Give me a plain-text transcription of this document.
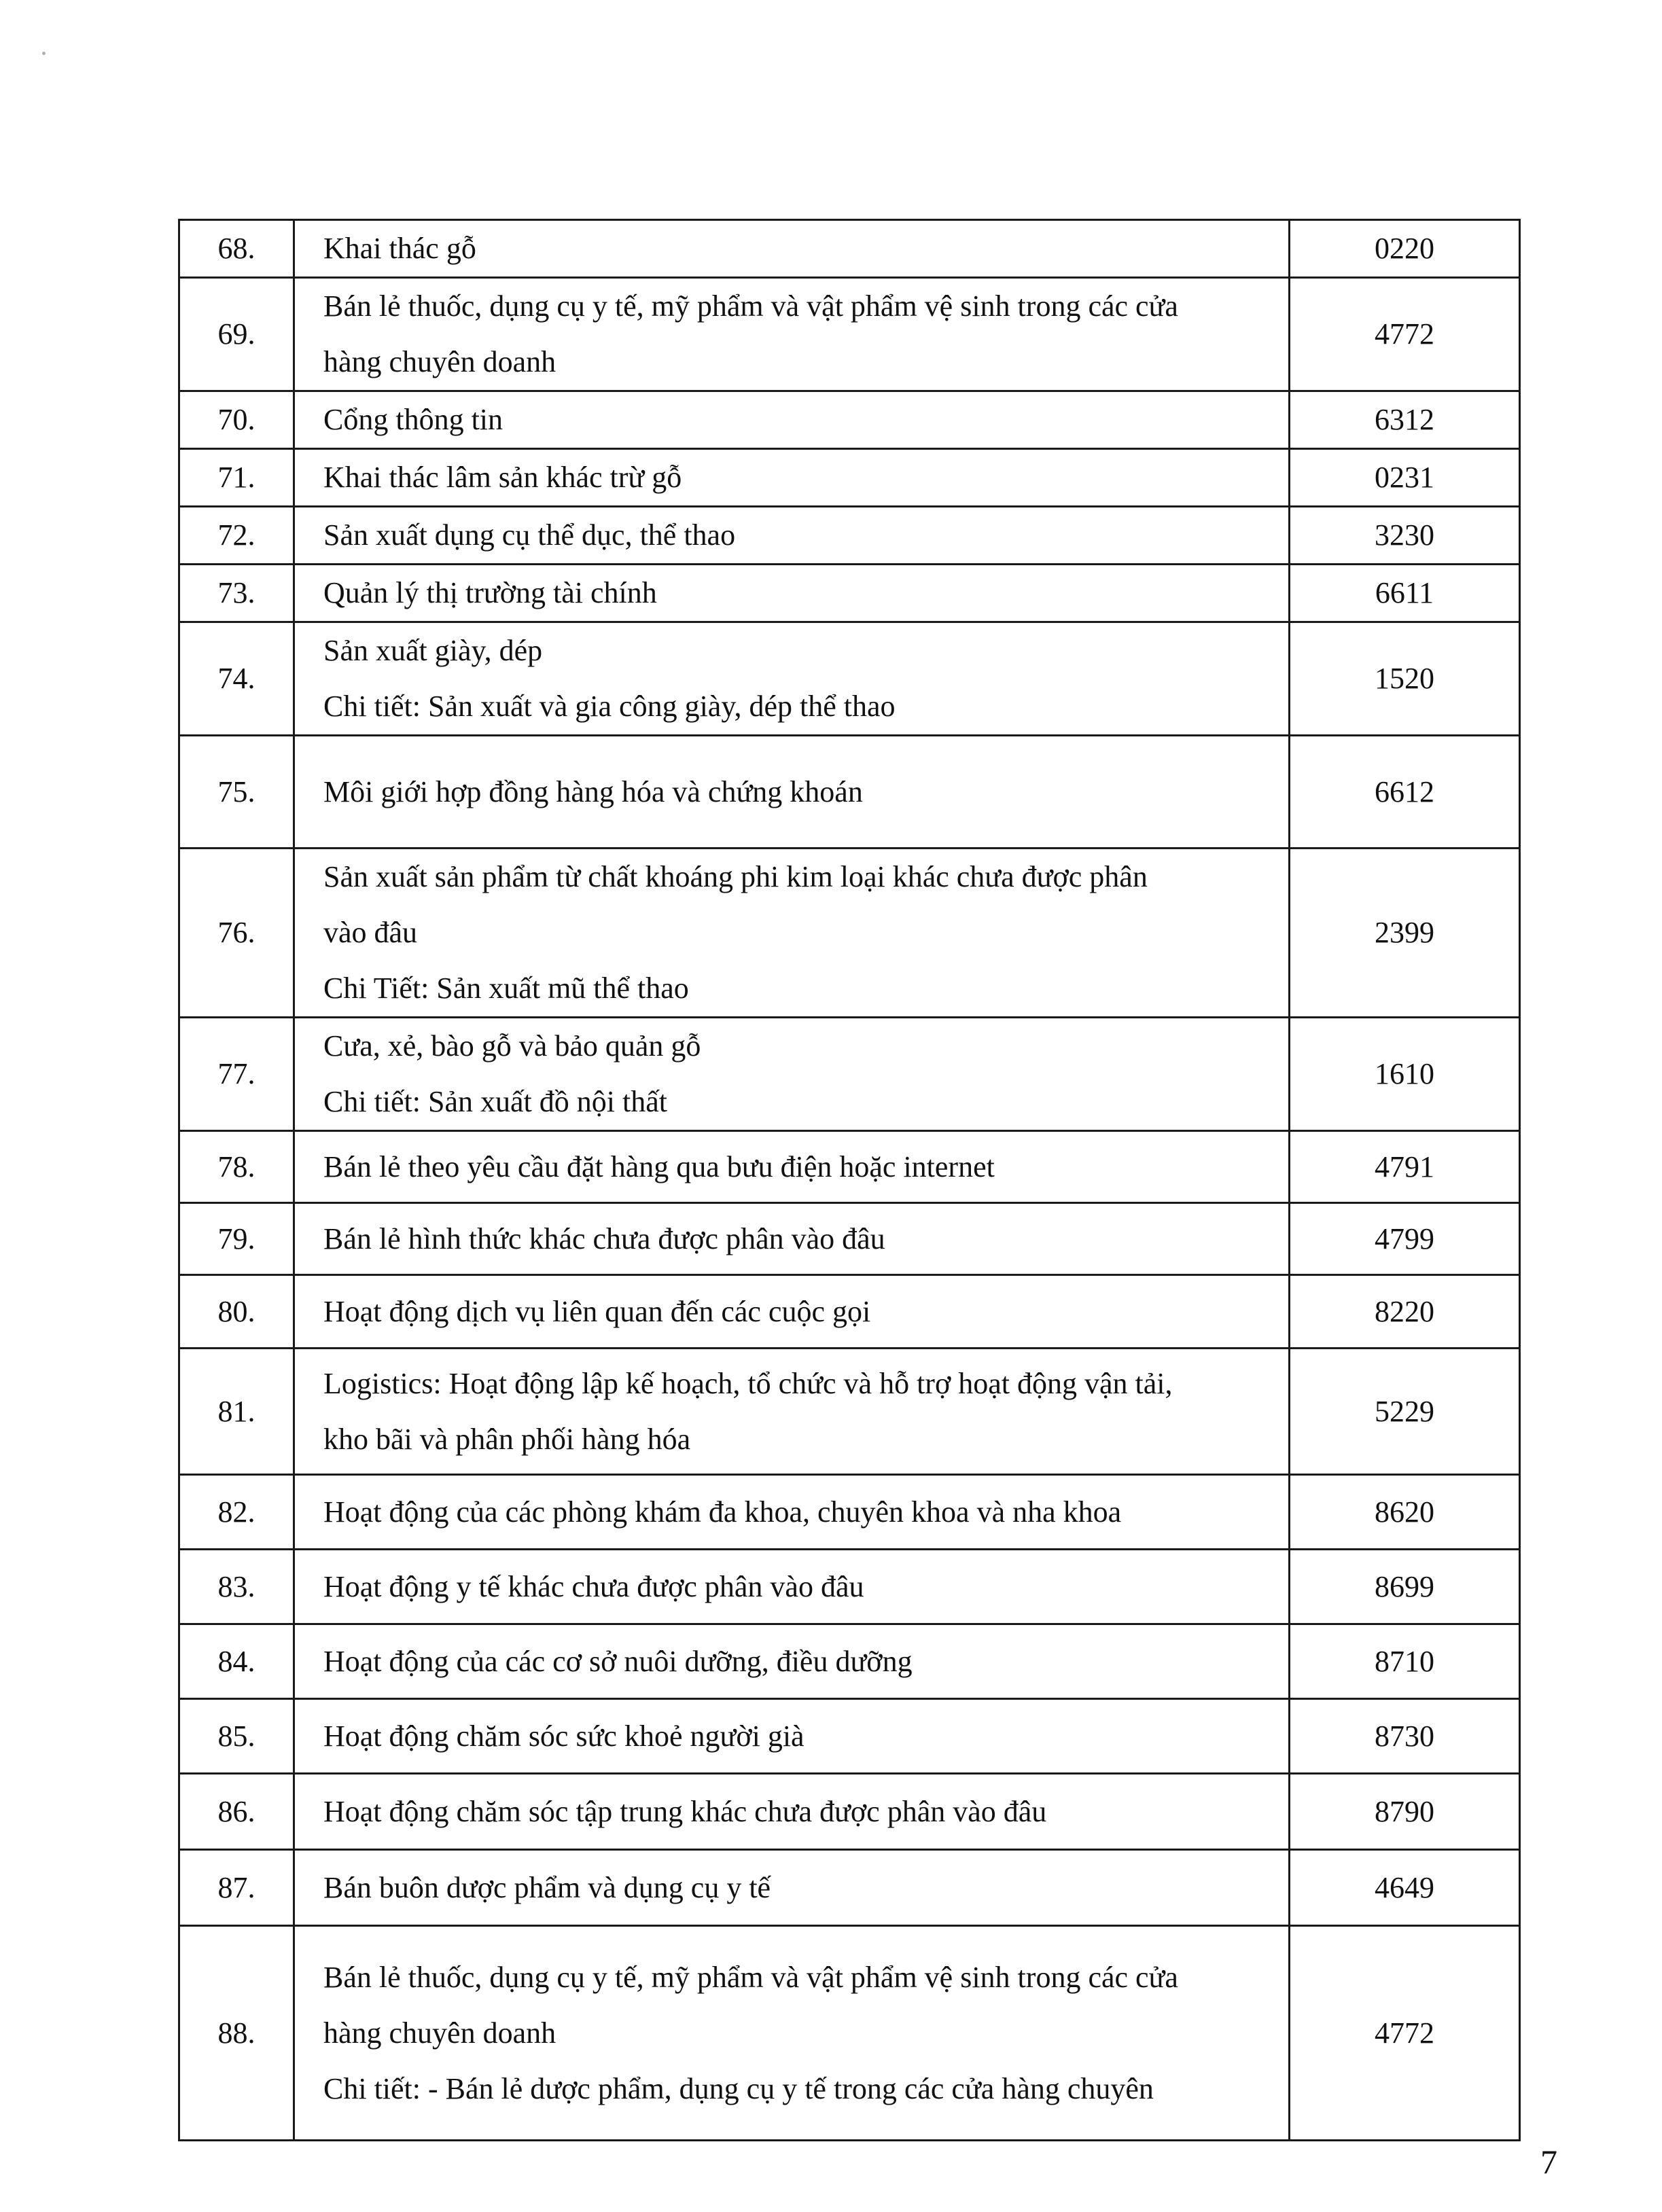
68.	Khai thác gỗ	0220
69.	Bán lẻ thuốc, dụng cụ y tế, mỹ phẩm và vật phẩm vệ sinh trong các cửa
hàng chuyên doanh	4772
70.	Cổng thông tin	6312
71.	Khai thác lâm sản khác trừ gỗ	0231
72.	Sản xuất dụng cụ thể dục, thể thao	3230
73.	Quản lý thị trường tài chính	6611
74.	Sản xuất giày, dép
Chi tiết: Sản xuất và gia công giày, dép thể thao	1520
75.	Môi giới hợp đồng hàng hóa và chứng khoán	6612
76.	Sản xuất sản phẩm từ chất khoáng phi kim loại khác chưa được phân
vào đâu
Chi Tiết: Sản xuất mũ thể thao	2399
77.	Cưa, xẻ, bào gỗ và bảo quản gỗ
Chi tiết: Sản xuất đồ nội thất	1610
78.	Bán lẻ theo yêu cầu đặt hàng qua bưu điện hoặc internet	4791
79.	Bán lẻ hình thức khác chưa được phân vào đâu	4799
80.	Hoạt động dịch vụ liên quan đến các cuộc gọi	8220
81.	Logistics: Hoạt động lập kế hoạch, tổ chức và hỗ trợ hoạt động vận tải,
kho bãi và phân phối hàng hóa	5229
82.	Hoạt động của các phòng khám đa khoa, chuyên khoa và nha khoa	8620
83.	Hoạt động y tế khác chưa được phân vào đâu	8699
84.	Hoạt động của các cơ sở nuôi dưỡng, điều dưỡng	8710
85.	Hoạt động chăm sóc sức khoẻ người già	8730
86.	Hoạt động chăm sóc tập trung khác chưa được phân vào đâu	8790
87.	Bán buôn dược phẩm và dụng cụ y tế	4649
88.	Bán lẻ thuốc, dụng cụ y tế, mỹ phẩm và vật phẩm vệ sinh trong các cửa
hàng chuyên doanh
Chi tiết: - Bán lẻ dược phẩm, dụng cụ y tế trong các cửa hàng chuyên	4772
7
